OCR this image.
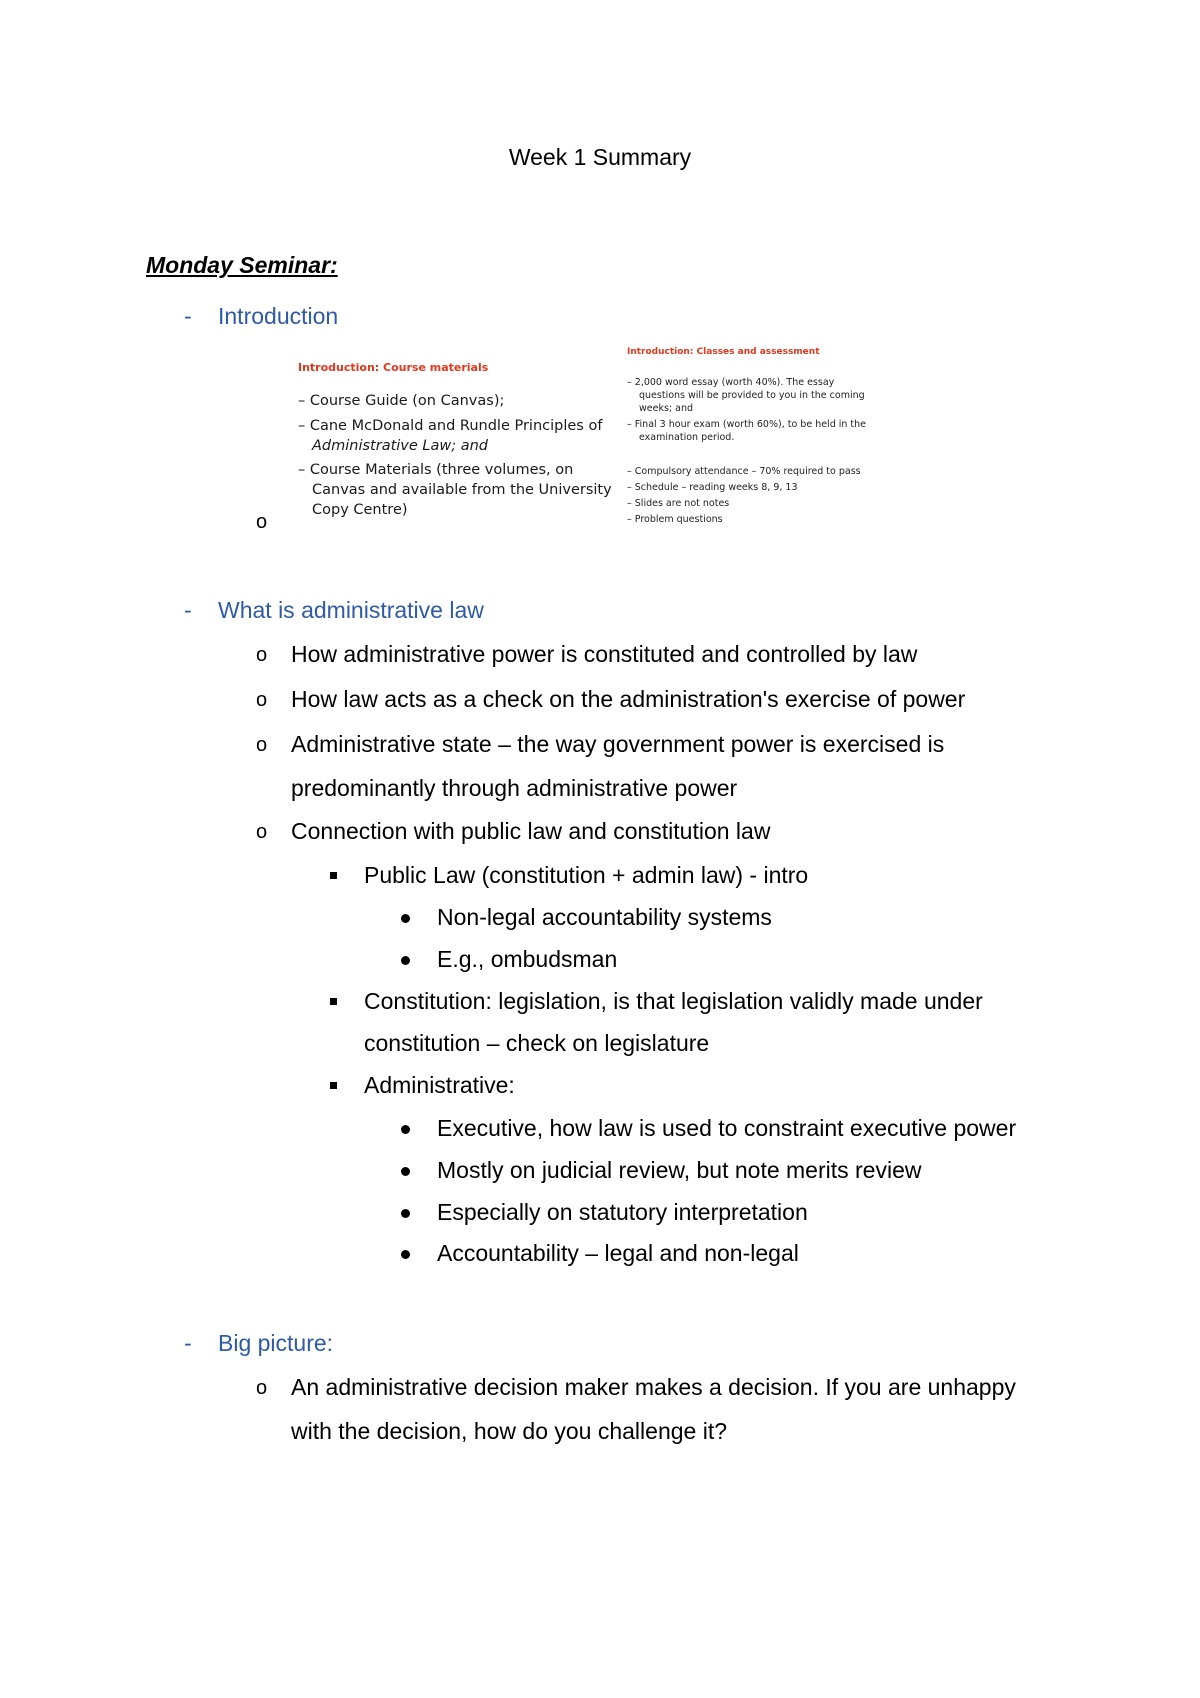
Week 1 Summary
Monday Seminar:
- Introduction
o
Introduction: Course materials
– Course Guide (on Canvas);
– Cane McDonald and Rundle Principles of
Administrative Law; and
– Course Materials (three volumes, on
Canvas and available from the University
Copy Centre)
Introduction: Classes and assessment
– 2,000 word essay (worth 40%). The essay
questions will be provided to you in the coming
weeks; and
– Final 3 hour exam (worth 60%), to be held in the
examination period.
– Compulsory attendance – 70% required to pass
– Schedule – reading weeks 8, 9, 13
– Slides are not notes
– Problem questions
- What is administrative law
o How administrative power is constituted and controlled by law
o How law acts as a check on the administration's exercise of power
o Administrative state – the way government power is exercised is
predominantly through administrative power
o Connection with public law and constitution law
Public Law (constitution + admin law) - intro
Non-legal accountability systems
E.g., ombudsman
Constitution: legislation, is that legislation validly made under
constitution – check on legislature
Administrative:
Executive, how law is used to constraint executive power
Mostly on judicial review, but note merits review
Especially on statutory interpretation
Accountability – legal and non-legal
- Big picture:
o An administrative decision maker makes a decision. If you are unhappy
with the decision, how do you challenge it?
